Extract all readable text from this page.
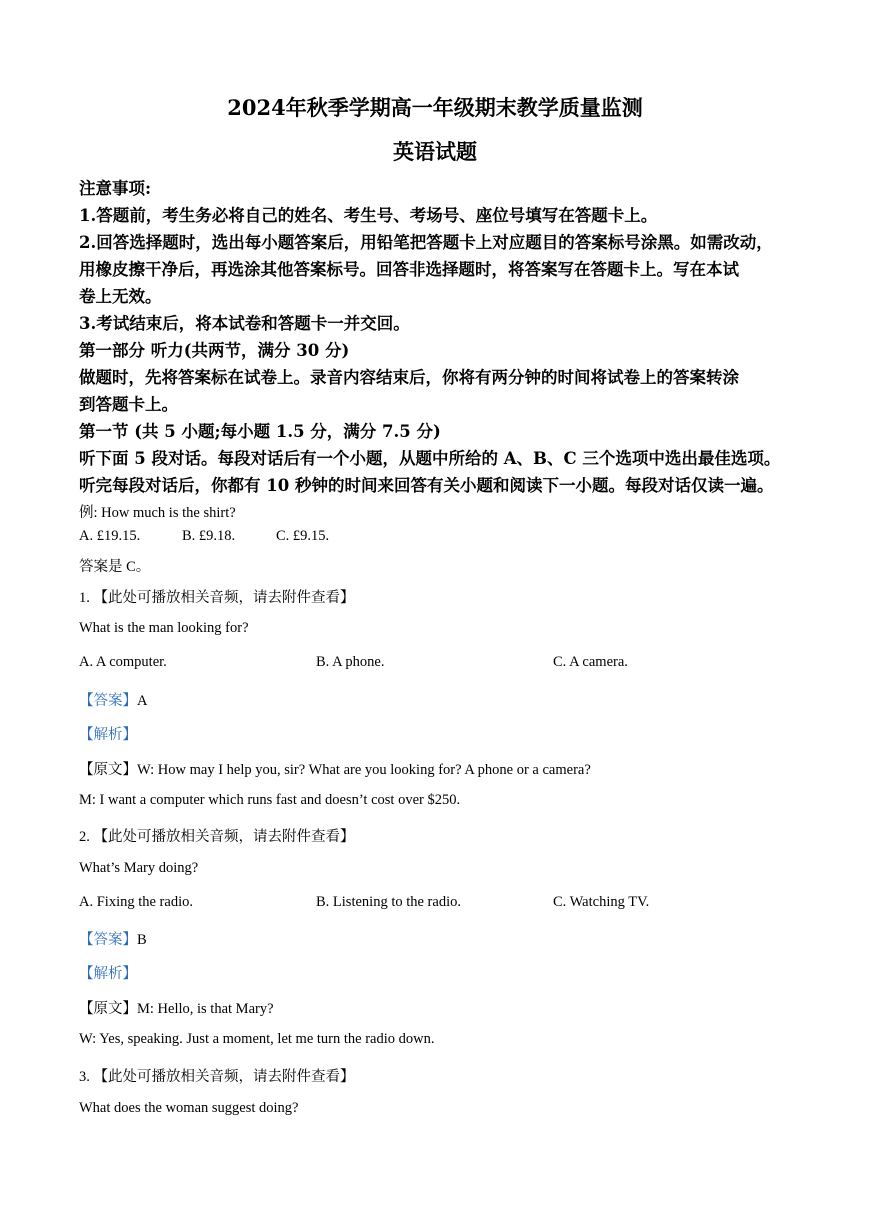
2024年秋季学期高一年级期末教学质量监测
英语试题
注意事项:
1.答题前，考生务必将自己的姓名、考生号、考场号、座位号填写在答题卡上。
2.回答选择题时，选出每小题答案后，用铅笔把答题卡上对应题目的答案标号涂黑。如需改动，
用橡皮擦干净后，再选涂其他答案标号。回答非选择题时，将答案写在答题卡上。写在本试
卷上无效。
3.考试结束后，将本试卷和答题卡一并交回。
第一部分 听力(共两节，满分 30 分)
做题时，先将答案标在试卷上。录音内容结束后，你将有两分钟的时间将试卷上的答案转涂
到答题卡上。
第一节 (共 5 小题;每小题 1.5 分，满分 7.5 分)
听下面 5 段对话。每段对话后有一个小题，从题中所给的 A、B、C 三个选项中选出最佳选项。
听完每段对话后，你都有 10 秒钟的时间来回答有关小题和阅读下一小题。每段对话仅读一遍。
例: How much is the shirt?
A. £19.15.	B. £9.18.	C. £9.15.
答案是 C。
1. 【此处可播放相关音频，请去附件查看】
What is the man looking for?
A. A computer.	B. A phone.	C. A camera.
【答案】A
【解析】
【原文】W: How may I help you, sir? What are you looking for? A phone or a camera?
M: I want a computer which runs fast and doesn’t cost over $250.
2. 【此处可播放相关音频，请去附件查看】
What’s Mary doing?
A. Fixing the radio.	B. Listening to the radio.	C. Watching TV.
【答案】B
【解析】
【原文】M: Hello, is that Mary?
W: Yes, speaking. Just a moment, let me turn the radio down.
3. 【此处可播放相关音频，请去附件查看】
What does the woman suggest doing?
